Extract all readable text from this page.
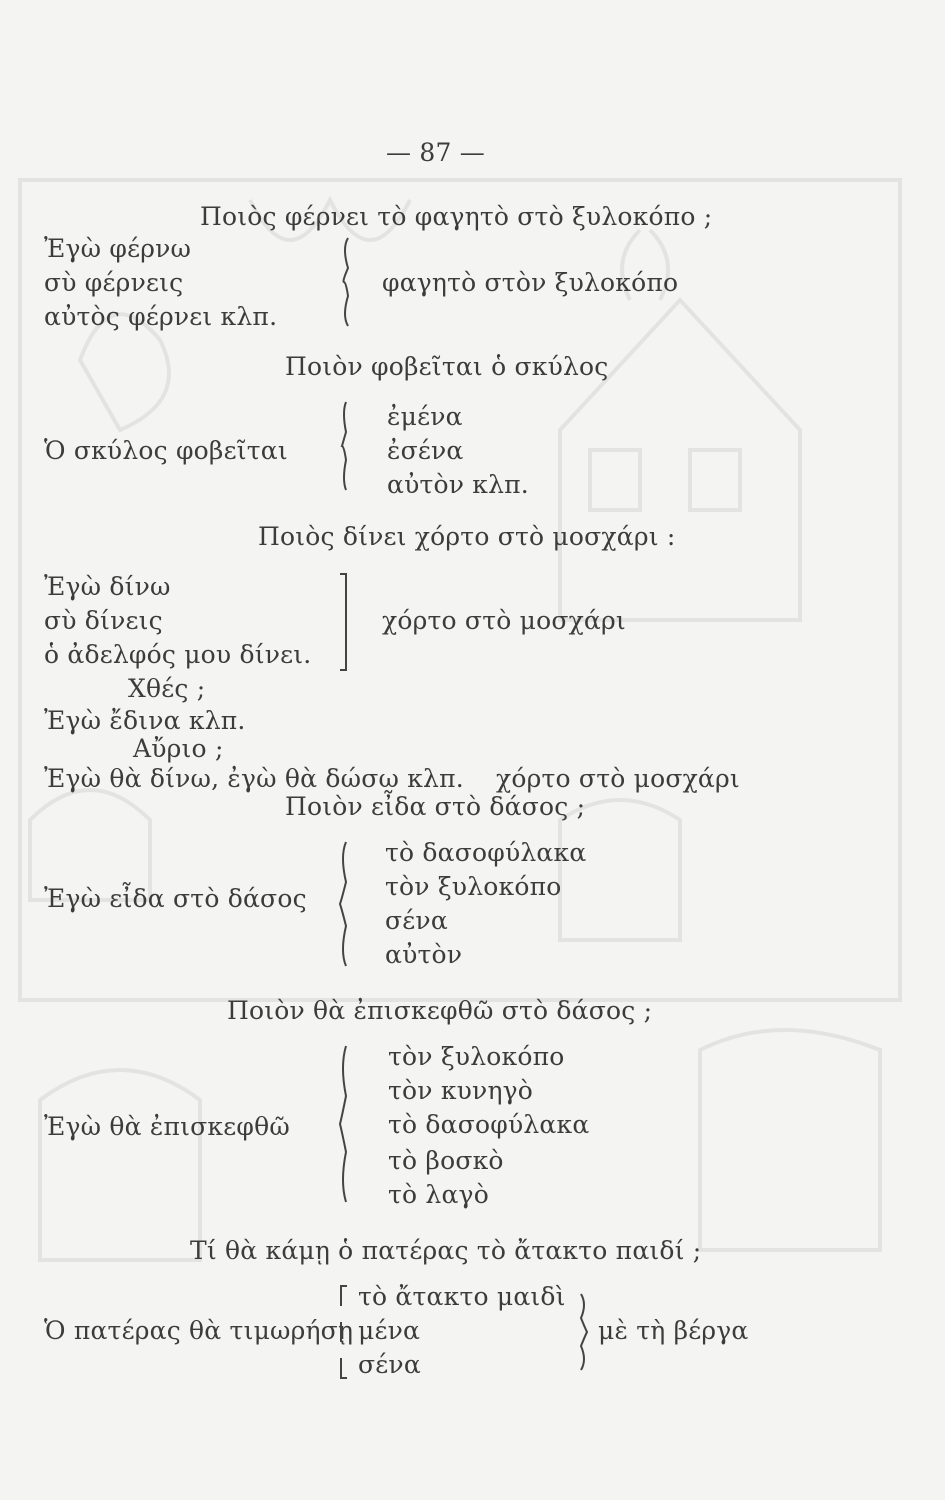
— 87 —
Ποιὸς φέρνει τὸ φαγητὸ στὸ ξυλοκόπο ;
Ἐγὼ φέρνω
σὺ φέρνεις
αὐτὸς φέρνει κλπ.
φαγητὸ στὸν ξυλοκόπο
Ποιὸν φοβεῖται ὁ σκύλος
Ὁ σκύλος φοβεῖται
ἐμένα
ἐσένα
αὐτὸν κλπ.
Ποιὸς δίνει χόρτο στὸ μοσχάρι :
Ἐγὼ δίνω
σὺ δίνεις
ὁ ἀδελφός μου δίνει.
χόρτο στὸ μοσχάρι
Χθές ;
Ἐγὼ ἔδινα κλπ.
Αὔριο ;
Ἐγὼ θὰ δίνω, ἐγὼ θὰ δώσω κλπ. χόρτο στὸ μοσχάρι
Ποιὸν εἶδα στὸ δάσος ;
Ἐγὼ εἶδα στὸ δάσος
τὸ δασοφύλακα
τὸν ξυλοκόπο
σένα
αὐτὸν
Ποιὸν θὰ ἐπισκεφθῶ στὸ δάσος ;
Ἐγὼ θὰ ἐπισκεφθῶ
τὸν ξυλοκόπο
τὸν κυνηγὸ
τὸ δασοφύλακα
τὸ βοσκὸ
τὸ λαγὸ
Τί θὰ κάμῃ ὁ πατέρας τὸ ἄτακτο παιδί ;
Ὁ πατέρας θὰ τιμωρήσῃ
τὸ ἄτακτο μαιδὶ
μένα
σένα
μὲ τὴ βέργα
